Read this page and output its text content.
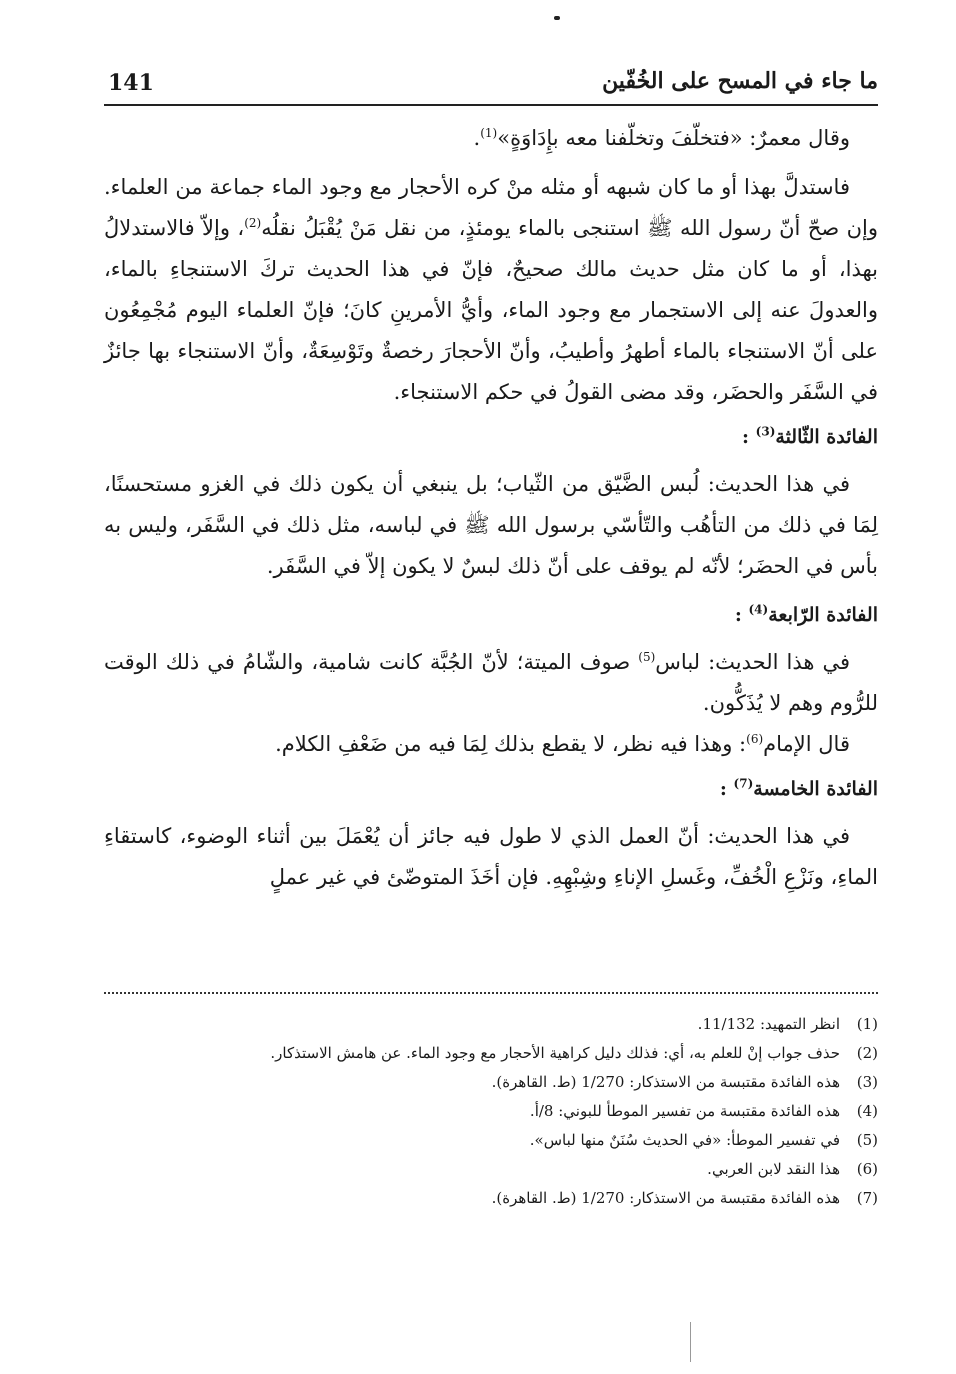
141	ما جاء في المسح على الخُفّين

وقال معمرٌ: «فتخلّفَ وتخلّفنا معه بإِدَاوَةٍ»$^{(1)}$.

فاستدلَّ بهذا أو ما كان شبهه أو مثله منْ كره الأحجار مع وجود الماء جماعة من العلماء. وإن صحّ أنّ رسول الله ﷺ استنجى بالماء يومئذٍ، من نقل مَنْ يُقْبَلُ نقلُه$^{(2)}$، وإلاّ فالاستدلالُ بهذا، أو ما كان مثل حديث مالك صحيحٌ، فإنّ في هذا الحديث تركَ الاستنجاءِ بالماء، والعدولَ عنه إلى الاستجمار مع وجود الماء، وأيُّ الأمرينِ كانَ؛ فإنّ العلماء اليوم مُجْمِعُون على أنّ الاستنجاء بالماء أطهرُ وأطيبُ، وأنّ الأحجارَ رخصةٌ وتَوْسِعَةٌ، وأنّ الاستنجاء بها جائزٌ في السَّفَر والحضَر، وقد مضى القولُ في حكم الاستنجاء.

الفائدة الثّالثة$^{(3)}$ :

في هذا الحديث: لُبس الضَّيّق من الثّياب؛ بل ينبغي أن يكون ذلك في الغزو مستحسنًا، لِمَا في ذلك من التأهُب والتّأسّي برسول الله ﷺ في لباسه، مثل ذلك في السَّفَر، وليس به بأس في الحضَر؛ لأنّه لم يوقف على أنّ ذلك لبسٌ لا يكون إلاّ في السَّفَر.

الفائدة الرّابعة$^{(4)}$ :

في هذا الحديث: لباس$^{(5)}$ صوف الميتة؛ لأنّ الجُبَّة كانت شامية، والشّامُ في ذلك الوقت للرُّوم وهم لا يُذَكُّون.

قال الإمام$^{(6)}$: وهذا فيه نظر، لا يقطع بذلك لِمَا فيه من ضَعْفِ الكلام.

الفائدة الخامسة$^{(7)}$ :

في هذا الحديث: أنّ العمل الذي لا طول فيه جائز أن يُعْمَلَ بين أثناء الوضوء، كاستقاءِ الماءِ، ونَزْعِ الْخُفِّ، وغَسلِ الإناءِ وشِبْهِهِ. فإن أخَذَ المتوضّئ في غير عملٍ

(1)
انظر التمهيد: 11/132.
(2)
حذف جواب إنْ للعلم به، أي: فذلك دليل كراهية الأحجار مع وجود الماء. عن هامش الاستذكار.
(3)
هذه الفائدة مقتبسة من الاستذكار: 1/270 (ط. القاهرة).
(4)
هذه الفائدة مقتبسة من تفسير الموطأ للبوني: 8/أ.
(5)
في تفسير الموطأ: «في الحديث سُنَنٌ منها لباس».
(6)
هذا النقد لابن العربي.
(7)
هذه الفائدة مقتبسة من الاستذكار: 1/270 (ط. القاهرة).
